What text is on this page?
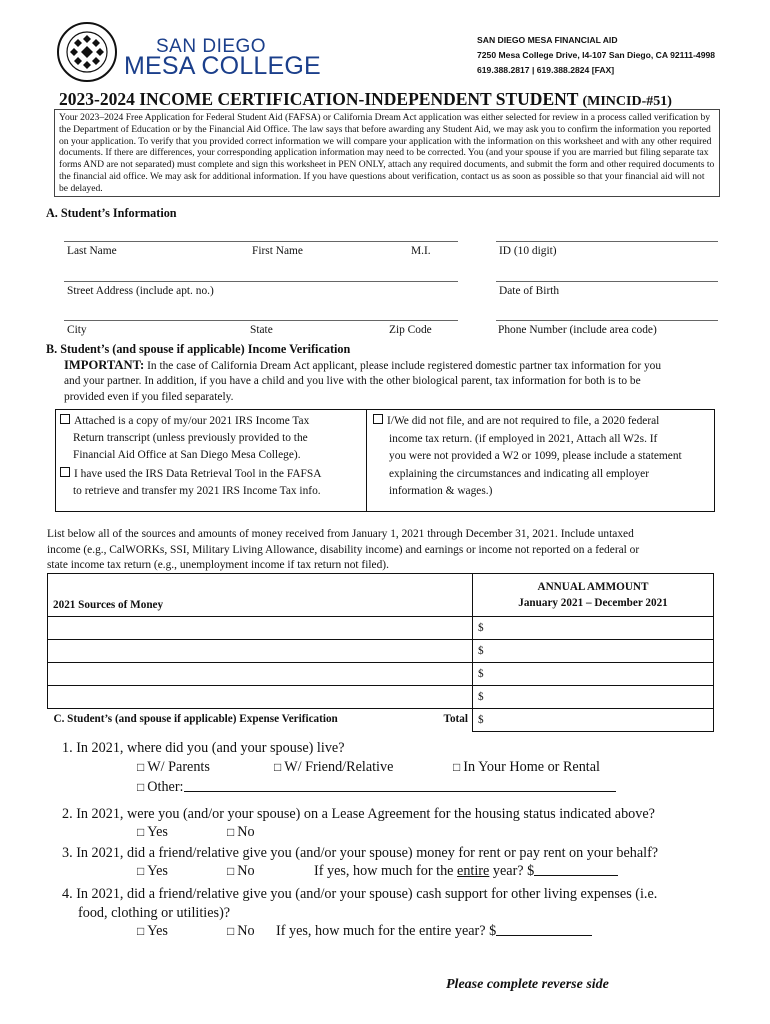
SAN DIEGO
MESA COLLEGE
SAN DIEGO MESA FINANCIAL AID
7250 Mesa College Drive, I4-107 San Diego, CA 92111-4998
619.388.2817 | 619.388.2824 [FAX]
2023-2024 INCOME CERTIFICATION-INDEPENDENT STUDENT (MINCID-#51)
Your 2023–2024 Free Application for Federal Student Aid (FAFSA) or California Dream Act application was either selected for review in a process called verification by the Department of Education or by the Financial Aid Office. The law says that before awarding any Student Aid, we may ask you to confirm the information you reported on your application. To verify that you provided correct information we will compare your application with the information on this worksheet and with any other required documents. If there are differences, your corresponding application information may need to be corrected. You (and your spouse if you are married but filing separate tax forms AND are not separated) must complete and sign this worksheet in PEN ONLY, attach any required documents, and submit the form and other required documents to the financial aid office. We may ask for additional information. If you have questions about verification, contact us as soon as possible so that your financial aid will not be delayed.
A. Student’s Information
Last Name	First Name	M.I.	ID (10 digit)
Street Address (include apt. no.)	Date of Birth
City	State	Zip Code	Phone Number (include area code)
B. Student’s (and spouse if applicable) Income Verification
IMPORTANT: In the case of California Dream Act applicant, please include registered domestic partner tax information for you
and your partner. In addition, if you have a child and you live with the other biological parent, tax information for both is to be
provided even if you filed separately.
Attached is a copy of my/our 2021 IRS Income Tax
Return transcript (unless previously provided to the
Financial Aid Office at San Diego Mesa College).
I have used the IRS Data Retrieval Tool in the FAFSA
to retrieve and transfer my 2021 IRS Income Tax info.
I/We did not file, and are not required to file, a 2020 federal
income tax return. (if employed in 2021, Attach all W2s. If
you were not provided a W2 or 1099, please include a statement
explaining the circumstances and indicating all employer
information & wages.)
List below all of the sources and amounts of money received from January 1, 2021 through December 31, 2021. Include untaxed
income (e.g., CalWORKs, SSI, Military Living Allowance, disability income) and earnings or income not reported on a federal or
state income tax return (e.g., unemployment income if tax return not filed).
2021 Sources of Money	ANNUAL AMMOUNT
January 2021 – December 2021

	$
	$
	$
	$

C. Student’s (and spouse if applicable) Expense Verification Total	$
1. In 2021, where did you (and your spouse) live?
□ W/ Parents	□ W/ Friend/Relative	□ In Your Home or Rental
□ Other:
2. In 2021, were you (and/or your spouse) on a Lease Agreement for the housing status indicated above?
□ Yes	□ No
3. In 2021, did a friend/relative give you (and/or your spouse) money for rent or pay rent on your behalf?
□ Yes	□ No	If yes, how much for the entire year? $
4. In 2021, did a friend/relative give you (and/or your spouse) cash support for other living expenses (i.e.
food, clothing or utilities)?
□ Yes	□ No If yes, how much for the entire year? $
Please complete reverse side
